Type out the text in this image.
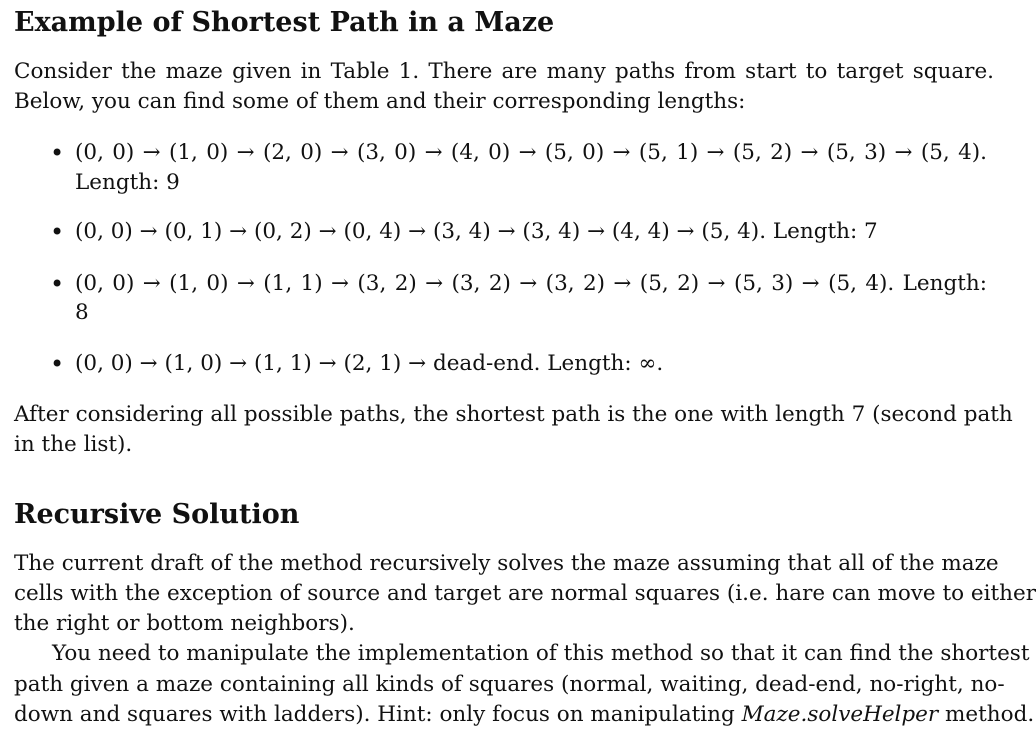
Example of Shortest Path in a Maze
Consider the maze given in Table 1. There are many paths from start to target square.
Below, you can find some of them and their corresponding lengths:
• (0, 0) → (1, 0) → (2, 0) → (3, 0) → (4, 0) → (5, 0) → (5, 1) → (5, 2) → (5, 3) → (5, 4).
Length: 9
• (0, 0) → (0, 1) → (0, 2) → (0, 4) → (3, 4) → (3, 4) → (4, 4) → (5, 4). Length: 7
• (0, 0) → (1, 0) → (1, 1) → (3, 2) → (3, 2) → (3, 2) → (5, 2) → (5, 3) → (5, 4). Length:
8
• (0, 0) → (1, 0) → (1, 1) → (2, 1) → dead-end. Length: ∞.
After considering all possible paths, the shortest path is the one with length 7 (second path
in the list).
Recursive Solution
The current draft of the method recursively solves the maze assuming that all of the maze
cells with the exception of source and target are normal squares (i.e. hare can move to either
the right or bottom neighbors).
You need to manipulate the implementation of this method so that it can find the shortest
path given a maze containing all kinds of squares (normal, waiting, dead-end, no-right, no-
down and squares with ladders). Hint: only focus on manipulating Maze.solveHelper method.
